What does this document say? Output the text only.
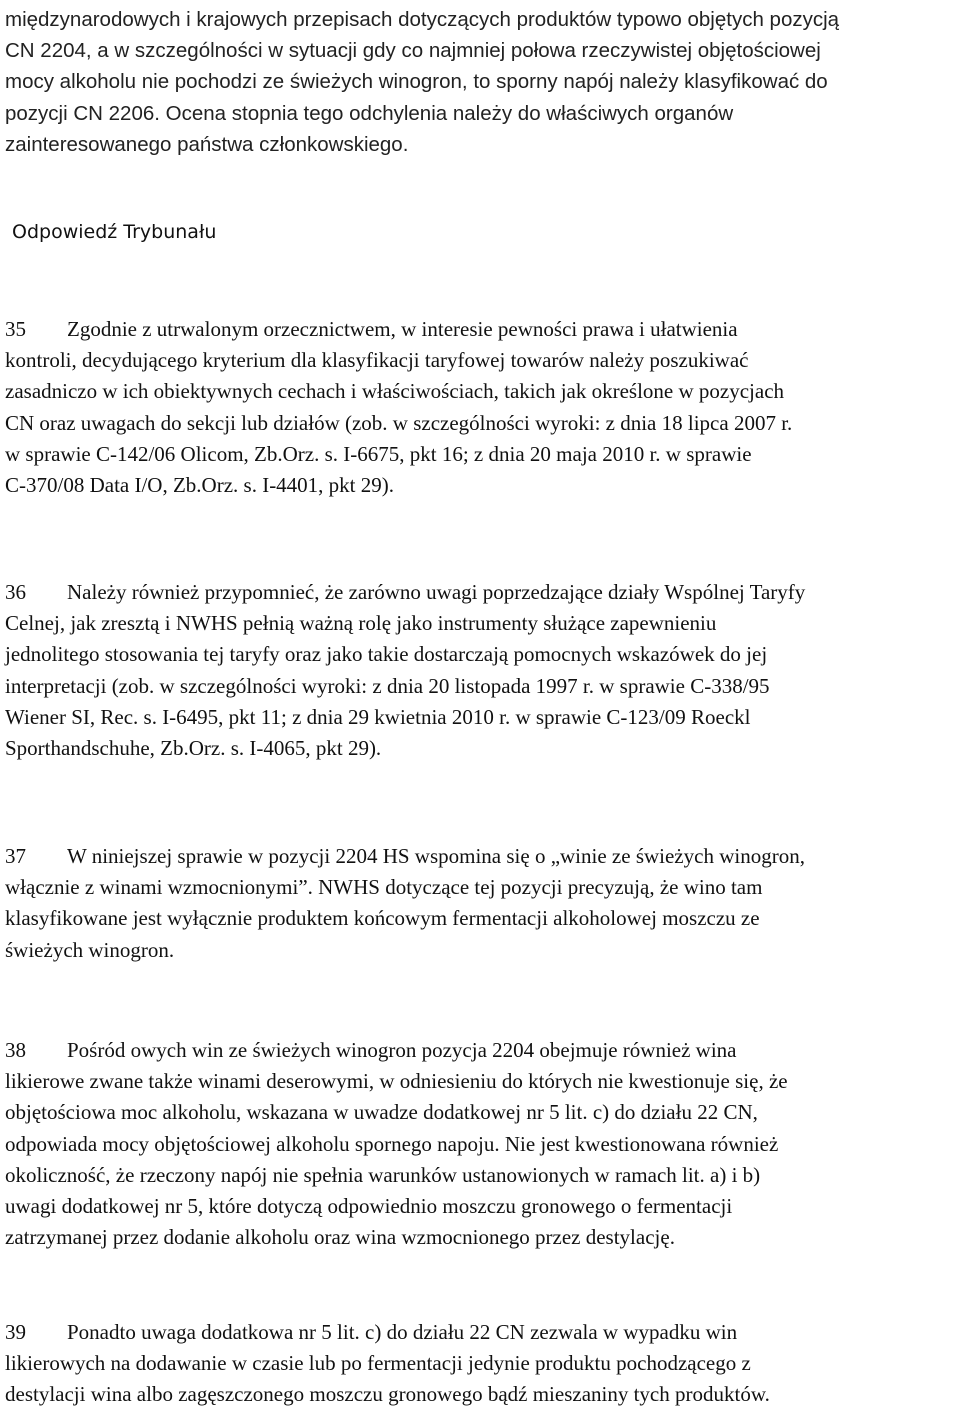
międzynarodowych i krajowych przepisach dotyczących produktów typowo objętych pozycją
CN 2204, a w szczególności w sytuacji gdy co najmniej połowa rzeczywistej objętościowej
mocy alkoholu nie pochodzi ze świeżych winogron, to sporny napój należy klasyfikować do
pozycji CN 2206. Ocena stopnia tego odchylenia należy do właściwych organów
zainteresowanego państwa członkowskiego.
Odpowiedź Trybunału
35 Zgodnie z utrwalonym orzecznictwem, w interesie pewności prawa i ułatwienia
kontroli, decydującego kryterium dla klasyfikacji taryfowej towarów należy poszukiwać
zasadniczo w ich obiektywnych cechach i właściwościach, takich jak określone w pozycjach
CN oraz uwagach do sekcji lub działów (zob. w szczególności wyroki: z dnia 18 lipca 2007 r.
w sprawie C‑142/06 Olicom, Zb.Orz. s. I‑6675, pkt 16; z dnia 20 maja 2010 r. w sprawie
C‑370/08 Data I/O, Zb.Orz. s. I‑4401, pkt 29).
36 Należy również przypomnieć, że zarówno uwagi poprzedzające działy Wspólnej Taryfy
Celnej, jak zresztą i NWHS pełnią ważną rolę jako instrumenty służące zapewnieniu
jednolitego stosowania tej taryfy oraz jako takie dostarczają pomocnych wskazówek do jej
interpretacji (zob. w szczególności wyroki: z dnia 20 listopada 1997 r. w sprawie C‑338/95
Wiener SI, Rec. s. I‑6495, pkt 11; z dnia 29 kwietnia 2010 r. w sprawie C‑123/09 Roeckl
Sporthandschuhe, Zb.Orz. s. I‑4065, pkt 29).
37 W niniejszej sprawie w pozycji 2204 HS wspomina się o „winie ze świeżych winogron,
włącznie z winami wzmocnionymi”. NWHS dotyczące tej pozycji precyzują, że wino tam
klasyfikowane jest wyłącznie produktem końcowym fermentacji alkoholowej moszczu ze
świeżych winogron.
38 Pośród owych win ze świeżych winogron pozycja 2204 obejmuje również wina
likierowe zwane także winami deserowymi, w odniesieniu do których nie kwestionuje się, że
objętościowa moc alkoholu, wskazana w uwadze dodatkowej nr 5 lit. c) do działu 22 CN,
odpowiada mocy objętościowej alkoholu spornego napoju. Nie jest kwestionowana również
okoliczność, że rzeczony napój nie spełnia warunków ustanowionych w ramach lit. a) i b)
uwagi dodatkowej nr 5, które dotyczą odpowiednio moszczu gronowego o fermentacji
zatrzymanej przez dodanie alkoholu oraz wina wzmocnionego przez destylację.
39 Ponadto uwaga dodatkowa nr 5 lit. c) do działu 22 CN zezwala w wypadku win
likierowych na dodawanie w czasie lub po fermentacji jedynie produktu pochodzącego z
destylacji wina albo zagęszczonego moszczu gronowego bądź mieszaniny tych produktów.
